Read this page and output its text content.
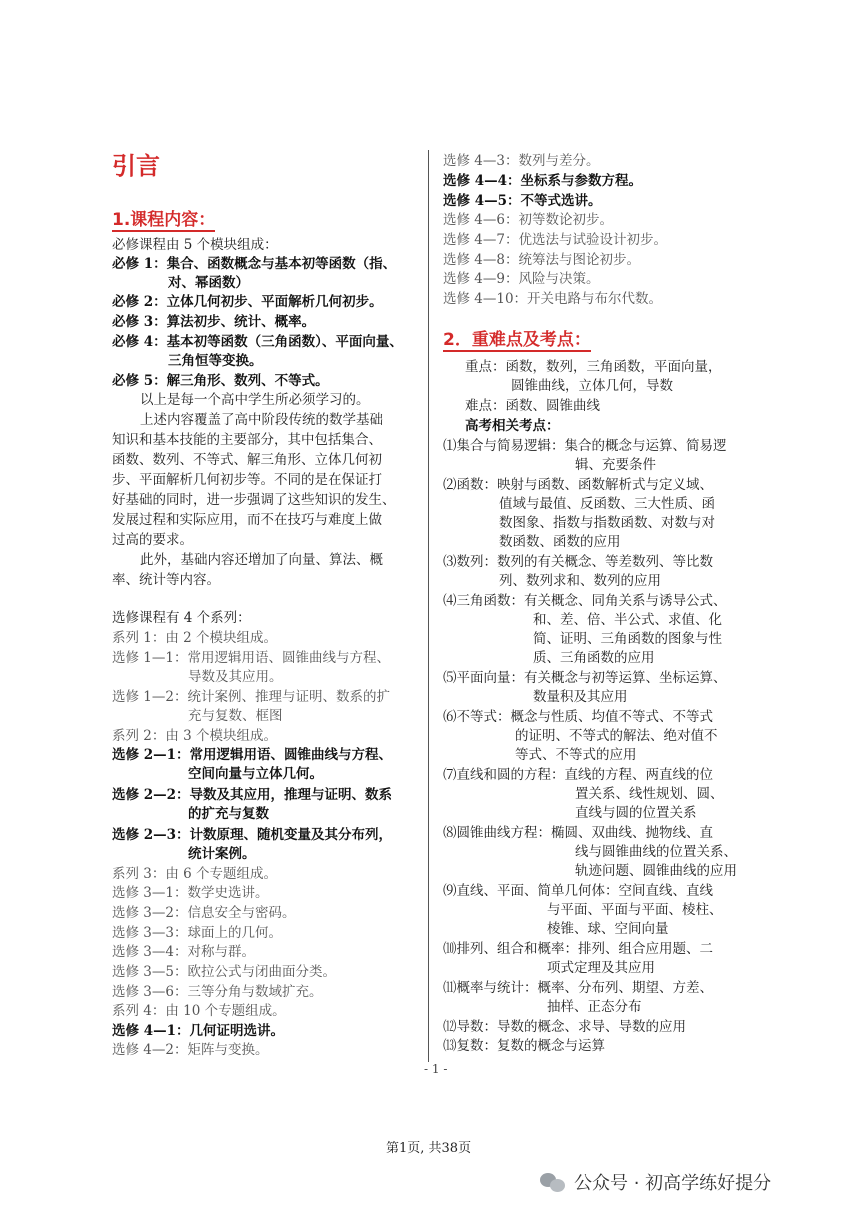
引言
1.课程内容：
2．重难点及考点：
必修课程由 5 个模块组成：
必修 1：集合、函数概念与基本初等函数（指、
对、幂函数）
必修 2：立体几何初步、平面解析几何初步。
必修 3：算法初步、统计、概率。
必修 4：基本初等函数（三角函数）、平面向量、
三角恒等变换。
必修 5：解三角形、数列、不等式。
以上是每一个高中学生所必须学习的。
上述内容覆盖了高中阶段传统的数学基础
知识和基本技能的主要部分，其中包括集合、
函数、数列、不等式、解三角形、立体几何初
步、平面解析几何初步等。不同的是在保证打
好基础的同时，进一步强调了这些知识的发生、
发展过程和实际应用，而不在技巧与难度上做
过高的要求。
此外，基础内容还增加了向量、算法、概
率、统计等内容。
选修课程有 4 个系列：
系列 1：由 2 个模块组成。
选修 1—1：常用逻辑用语、圆锥曲线与方程、
导数及其应用。
选修 1—2：统计案例、推理与证明、数系的扩
充与复数、框图
系列 2：由 3 个模块组成。
选修 2—1：常用逻辑用语、圆锥曲线与方程、
空间向量与立体几何。
选修 2—2：导数及其应用，推理与证明、数系
的扩充与复数
选修 2—3：计数原理、随机变量及其分布列，
统计案例。
系列 3：由 6 个专题组成。
选修 3—1：数学史选讲。
选修 3—2：信息安全与密码。
选修 3—3：球面上的几何。
选修 3—4：对称与群。
选修 3—5：欧拉公式与闭曲面分类。
选修 3—6：三等分角与数域扩充。
系列 4：由 10 个专题组成。
选修 4—1：几何证明选讲。
选修 4—2：矩阵与变换。
选修 4—3：数列与差分。
选修 4—4：坐标系与参数方程。
选修 4—5：不等式选讲。
选修 4—6：初等数论初步。
选修 4—7：优选法与试验设计初步。
选修 4—8：统筹法与图论初步。
选修 4—9：风险与决策。
选修 4—10：开关电路与布尔代数。
重点：函数，数列，三角函数，平面向量，
圆锥曲线，立体几何，导数
难点：函数、圆锥曲线
高考相关考点：
⑴集合与简易逻辑：集合的概念与运算、简易逻
辑、充要条件
⑵函数：映射与函数、函数解析式与定义域、
值域与最值、反函数、三大性质、函
数图象、指数与指数函数、对数与对
数函数、函数的应用
⑶数列：数列的有关概念、等差数列、等比数
列、数列求和、数列的应用
⑷三角函数：有关概念、同角关系与诱导公式、
和、差、倍、半公式、求值、化
简、证明、三角函数的图象与性
质、三角函数的应用
⑸平面向量：有关概念与初等运算、坐标运算、
数量积及其应用
⑹不等式：概念与性质、均值不等式、不等式
的证明、不等式的解法、绝对值不
等式、不等式的应用
⑺直线和圆的方程：直线的方程、两直线的位
置关系、线性规划、圆、
直线与圆的位置关系
⑻圆锥曲线方程：椭圆、双曲线、抛物线、直
线与圆锥曲线的位置关系、
轨迹问题、圆锥曲线的应用
⑼直线、平面、简单几何体：空间直线、直线
与平面、平面与平面、棱柱、
棱锥、球、空间向量
⑽排列、组合和概率：排列、组合应用题、二
项式定理及其应用
⑾概率与统计：概率、分布列、期望、方差、
抽样、正态分布
⑿导数：导数的概念、求导、导数的应用
⒀复数：复数的概念与运算
- 1 -
第1页, 共38页
公众号 · 初高学练好提分
